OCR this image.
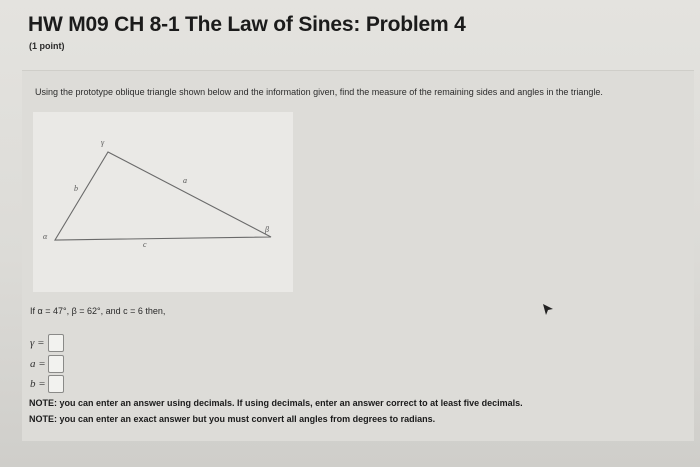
HW M09 CH 8-1 The Law of Sines: Problem 4
(1 point)
Using the prototype oblique triangle shown below and the information given, find the measure of the remaining sides and angles in the triangle.
α
γ
β
b
a
c
If α = 47°, β = 62°, and c = 6 then,
γ =
a =
b =
NOTE: you can enter an answer using decimals. If using decimals, enter an answer correct to at least five decimals.
NOTE: you can enter an exact answer but you must convert all angles from degrees to radians.
